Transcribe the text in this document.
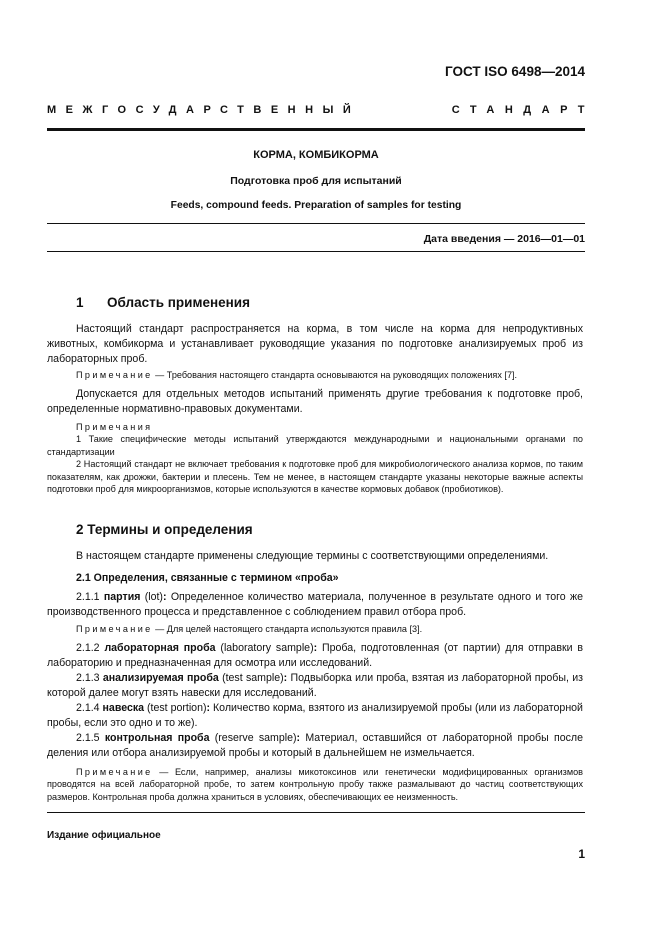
ГОСТ ISO 6498—2014
МЕЖГОСУДАРСТВЕННЫЙ	СТАНДАРТ
КОРМА, КОМБИКОРМА
Подготовка проб для испытаний
Feeds, compound feeds. Preparation of samples for testing
Дата введения — 2016—01—01
1 Область применения
Настоящий стандарт распространяется на корма, в том числе на корма для непродуктивных животных, комбикорма и устанавливает руководящие указания по подготовке анализируемых проб из лабораторных проб.
Примечание — Требования настоящего стандарта основываются на руководящих положениях [7].
Допускается для отдельных методов испытаний применять другие требования к подготовке проб, определенные нормативно-правовых документами.
Примечания
1 Такие специфические методы испытаний утверждаются международными и национальными органами по стандартизации
2 Настоящий стандарт не включает требования к подготовке проб для микробиологического анализа кормов, по таким показателям, как дрожжи, бактерии и плесень. Тем не менее, в настоящем стандарте указаны некоторые важные аспекты подготовки проб для микроорганизмов, которые используются в качестве кормовых добавок (пробиотиков).
2 Термины и определения
В настоящем стандарте применены следующие термины с соответствующими определениями.
2.1 Определения, связанные с термином «проба»
2.1.1 партия (lot): Определенное количество материала, полученное в результате одного и того же производственного процесса и представленное с соблюдением правил отбора проб.
Примечание — Для целей настоящего стандарта используются правила [3].
2.1.2 лабораторная проба (laboratory sample): Проба, подготовленная (от партии) для отправки в лабораторию и предназначенная для осмотра или исследований.
2.1.3 анализируемая проба (test sample): Подвыборка или проба, взятая из лабораторной пробы, из которой далее могут взять навески для исследований.
2.1.4 навеска (test portion): Количество корма, взятого из анализируемой пробы (или из лабораторной пробы, если это одно и то же).
2.1.5 контрольная проба (reserve sample): Материал, оставшийся от лабораторной пробы после деления или отбора анализируемой пробы и который в дальнейшем не измельчается.
Примечание — Если, например, анализы микотоксинов или генетически модифицированных организмов проводятся на всей лабораторной пробе, то затем контрольную пробу также размалывают до частиц соответствующих размеров. Контрольная проба должна храниться в условиях, обеспечивающих ее неизменность.
Издание официальное
1
